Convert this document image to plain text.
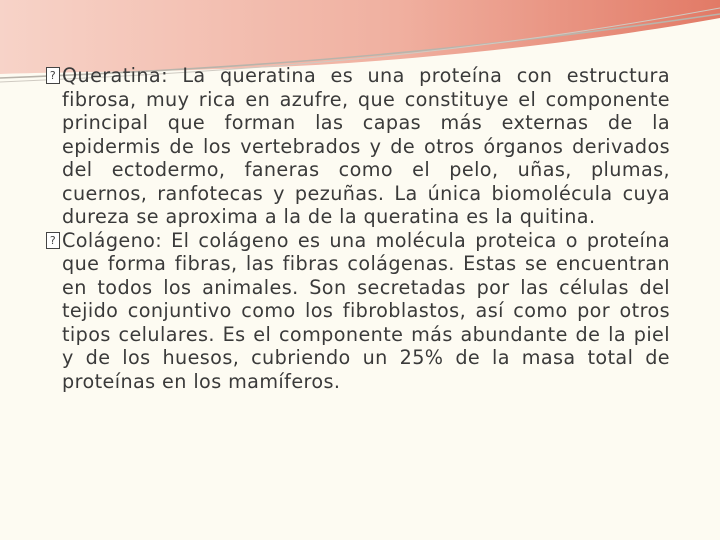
? Queratina: La queratina es una proteína con estructura fibrosa, muy rica en azufre, que constituye el componente principal que forman las capas más externas de la epidermis de los vertebrados y de otros órganos derivados del ectodermo, faneras como el pelo, uñas, plumas, cuernos, ranfotecas y pezuñas. La única biomolécula cuya dureza se aproxima a la de la queratina es la quitina.

? Colágeno: El colágeno es una molécula proteica o proteína que forma fibras, las fibras colágenas. Estas se encuentran en todos los animales. Son secretadas por las células del tejido conjuntivo como los fibroblastos, así como por otros tipos celulares. Es el componente más abundante de la piel y de los huesos, cubriendo un 25% de la masa total de proteínas en los mamíferos.
